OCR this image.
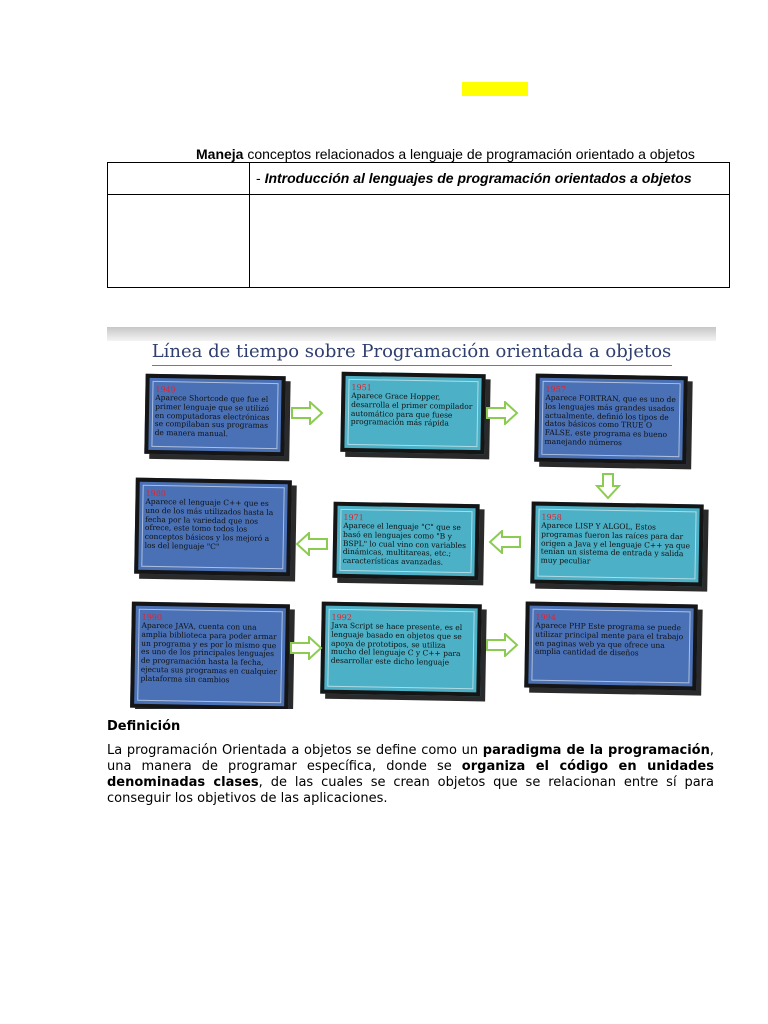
Maneja conceptos relacionados a lenguaje de programación orientado a objetos
- Introducción al lenguajes de programación orientados a objetos
Línea de tiempo sobre Programación orientada a objetos
1949
Aparece Shortcode que fue el primer lenguaje que se utilizó en computadoras electrónicas se compilaban sus programas de manera manual.
1951
Aparece Grace Hopper, desarrolla el primer compilador automático para que fuese programación más rápida
1957
Aparece FORTRAN, que es uno de los lenguajes más grandes usados actualmente, definió los tipos de datos básicos como TRUE O FALSE, este programa es bueno manejando números
1980
Aparece el lenguaje C++ que es uno de los más utilizados hasta la fecha por la variedad que nos ofrece, este tomo todos los conceptos básicos y los mejoró a los del lenguaje "C"
1971
Aparece el lenguaje "C" que se basó en lenguajes como "B y BSPL" lo cual vino con variables dinámicas, multitareas, etc.; características avanzadas.
1958
Aparece LISP Y ALGOL, Estos programas fueron las raíces para dar origen a Java y el lenguaje C++ ya que tenían un sistema de entrada y salida muy peculiar
1990
Aparece JAVA, cuenta con una amplia biblioteca para poder armar un programa y es por lo mismo que es uno de los principales lenguajes de programación hasta la fecha, ejecuta sus programas en cualquier plataforma sin cambios
1992
Java Script se hace presente, es el lenguaje basado en objetos que se apoya de prototipos, se utiliza mucho del lenguaje C y C++ para desarrollar este dicho lenguaje
1994
Aparece PHP Este programa se puede utilizar principal mente para el trabajo en paginas web ya que ofrece una amplia cantidad de diseños
Definición
La programación Orientada a objetos se define como un paradigma de la programación, una manera de programar específica, donde se organiza el código en unidades denominadas clases, de las cuales se crean objetos que se relacionan entre sí para conseguir los objetivos de las aplicaciones.
